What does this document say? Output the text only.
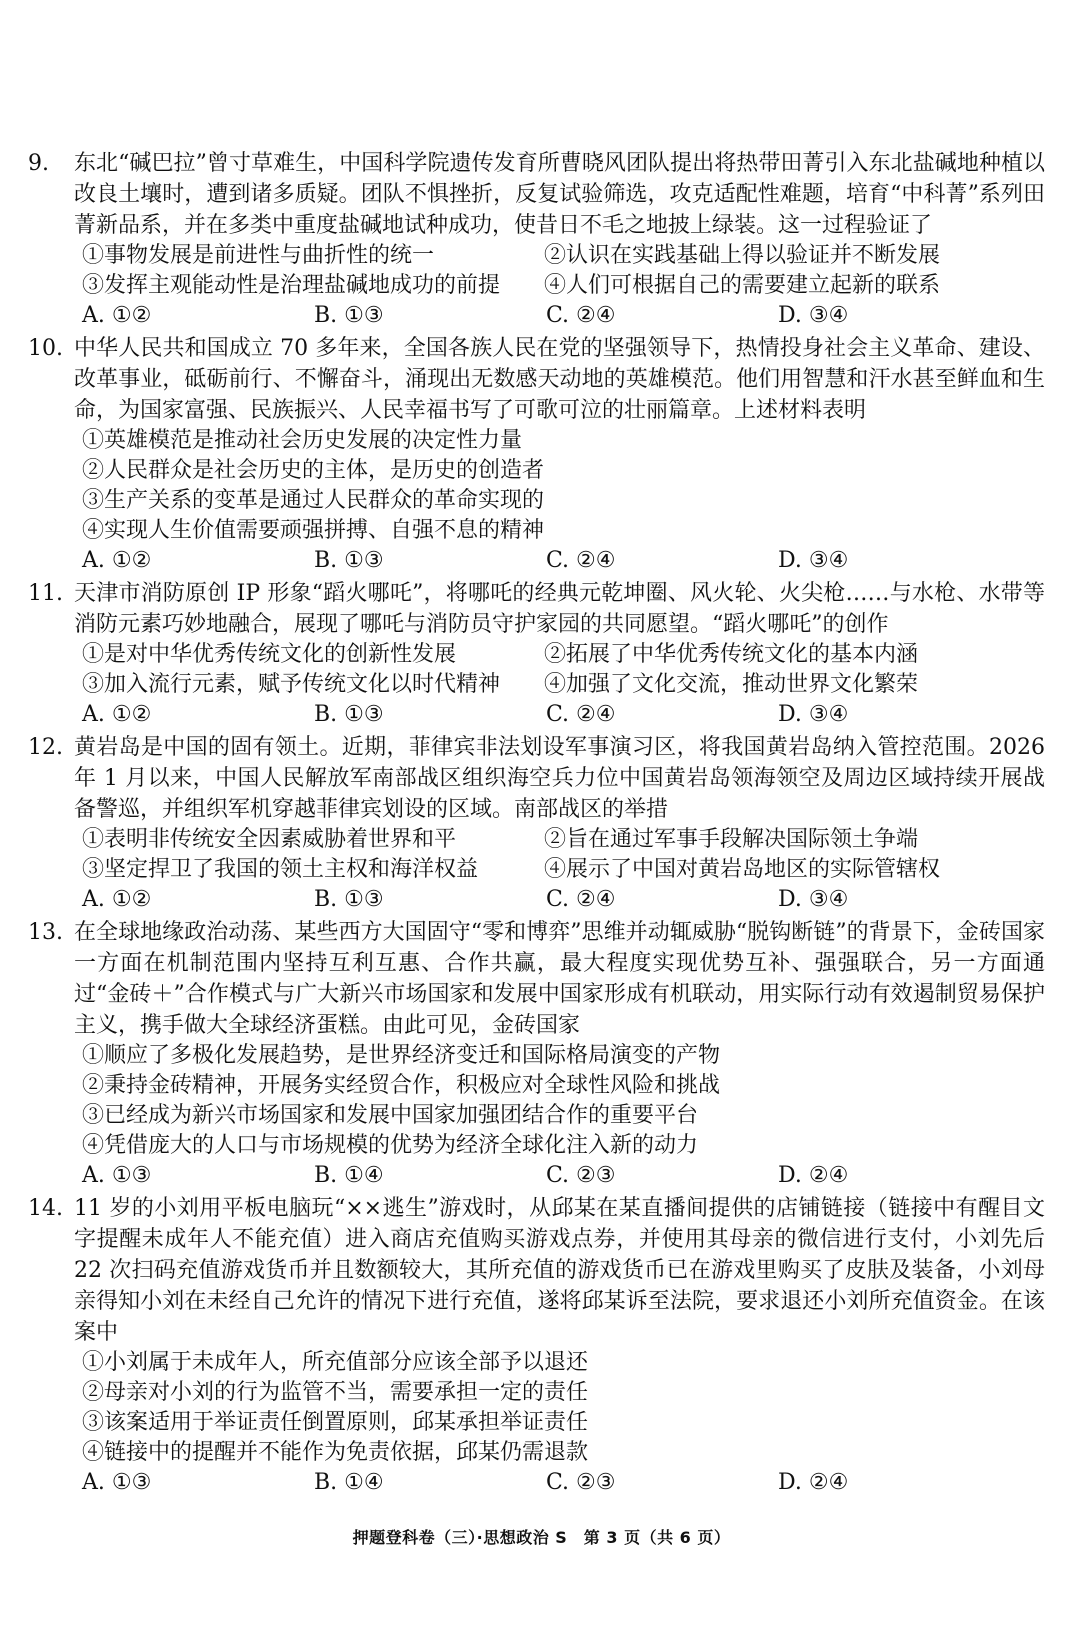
9. 东北“碱巴拉”曾寸草难生，中国科学院遗传发育所曹晓风团队提出将热带田菁引入东北盐碱地种植以改良土壤时，遭到诸多质疑。团队不惧挫折，反复试验筛选，攻克适配性难题，培育“中科菁”系列田菁新品系，并在多类中重度盐碱地试种成功，使昔日不毛之地披上绿装。这一过程验证了
①事物发展是前进性与曲折性的统一	②认识在实践基础上得以验证并不断发展
③发挥主观能动性是治理盐碱地成功的前提	④人们可根据自己的需要建立起新的联系
A. ①②	B. ①③	C. ②④	D. ③④
10. 中华人民共和国成立 70 多年来，全国各族人民在党的坚强领导下，热情投身社会主义革命、建设、改革事业，砥砺前行、不懈奋斗，涌现出无数感天动地的英雄模范。他们用智慧和汗水甚至鲜血和生命，为国家富强、民族振兴、人民幸福书写了可歌可泣的壮丽篇章。上述材料表明
①英雄模范是推动社会历史发展的决定性力量
②人民群众是社会历史的主体，是历史的创造者
③生产关系的变革是通过人民群众的革命实现的
④实现人生价值需要顽强拼搏、自强不息的精神
A. ①②	B. ①③	C. ②④	D. ③④
11. 天津市消防原创 IP 形象“蹈火哪吒”，将哪吒的经典元乾坤圈、风火轮、火尖枪……与水枪、水带等消防元素巧妙地融合，展现了哪吒与消防员守护家园的共同愿望。“蹈火哪吒”的创作
①是对中华优秀传统文化的创新性发展	②拓展了中华优秀传统文化的基本内涵
③加入流行元素，赋予传统文化以时代精神	④加强了文化交流，推动世界文化繁荣
A. ①②	B. ①③	C. ②④	D. ③④
12. 黄岩岛是中国的固有领土。近期，菲律宾非法划设军事演习区，将我国黄岩岛纳入管控范围。2026 年 1 月以来，中国人民解放军南部战区组织海空兵力位中国黄岩岛领海领空及周边区域持续开展战备警巡，并组织军机穿越菲律宾划设的区域。南部战区的举措
①表明非传统安全因素威胁着世界和平	②旨在通过军事手段解决国际领土争端
③坚定捍卫了我国的领土主权和海洋权益	④展示了中国对黄岩岛地区的实际管辖权
A. ①②	B. ①③	C. ②④	D. ③④
13. 在全球地缘政治动荡、某些西方大国固守“零和博弈”思维并动辄威胁“脱钩断链”的背景下，金砖国家一方面在机制范围内坚持互利互惠、合作共赢，最大程度实现优势互补、强强联合，另一方面通过“金砖＋”合作模式与广大新兴市场国家和发展中国家形成有机联动，用实际行动有效遏制贸易保护主义，携手做大全球经济蛋糕。由此可见，金砖国家
①顺应了多极化发展趋势，是世界经济变迁和国际格局演变的产物
②秉持金砖精神，开展务实经贸合作，积极应对全球性风险和挑战
③已经成为新兴市场国家和发展中国家加强团结合作的重要平台
④凭借庞大的人口与市场规模的优势为经济全球化注入新的动力
A. ①③	B. ①④	C. ②③	D. ②④
14. 11 岁的小刘用平板电脑玩“××逃生”游戏时，从邱某在某直播间提供的店铺链接（链接中有醒目文字提醒未成年人不能充值）进入商店充值购买游戏点券，并使用其母亲的微信进行支付，小刘先后 22 次扫码充值游戏货币并且数额较大，其所充值的游戏货币已在游戏里购买了皮肤及装备，小刘母亲得知小刘在未经自己允许的情况下进行充值，遂将邱某诉至法院，要求退还小刘所充值资金。在该案中
①小刘属于未成年人，所充值部分应该全部予以退还
②母亲对小刘的行为监管不当，需要承担一定的责任
③该案适用于举证责任倒置原则，邱某承担举证责任
④链接中的提醒并不能作为免责依据，邱某仍需退款
A. ①③	B. ①④	C. ②③	D. ②④
押题登科卷（三）·思想政治 S　第 3 页（共 6 页）
